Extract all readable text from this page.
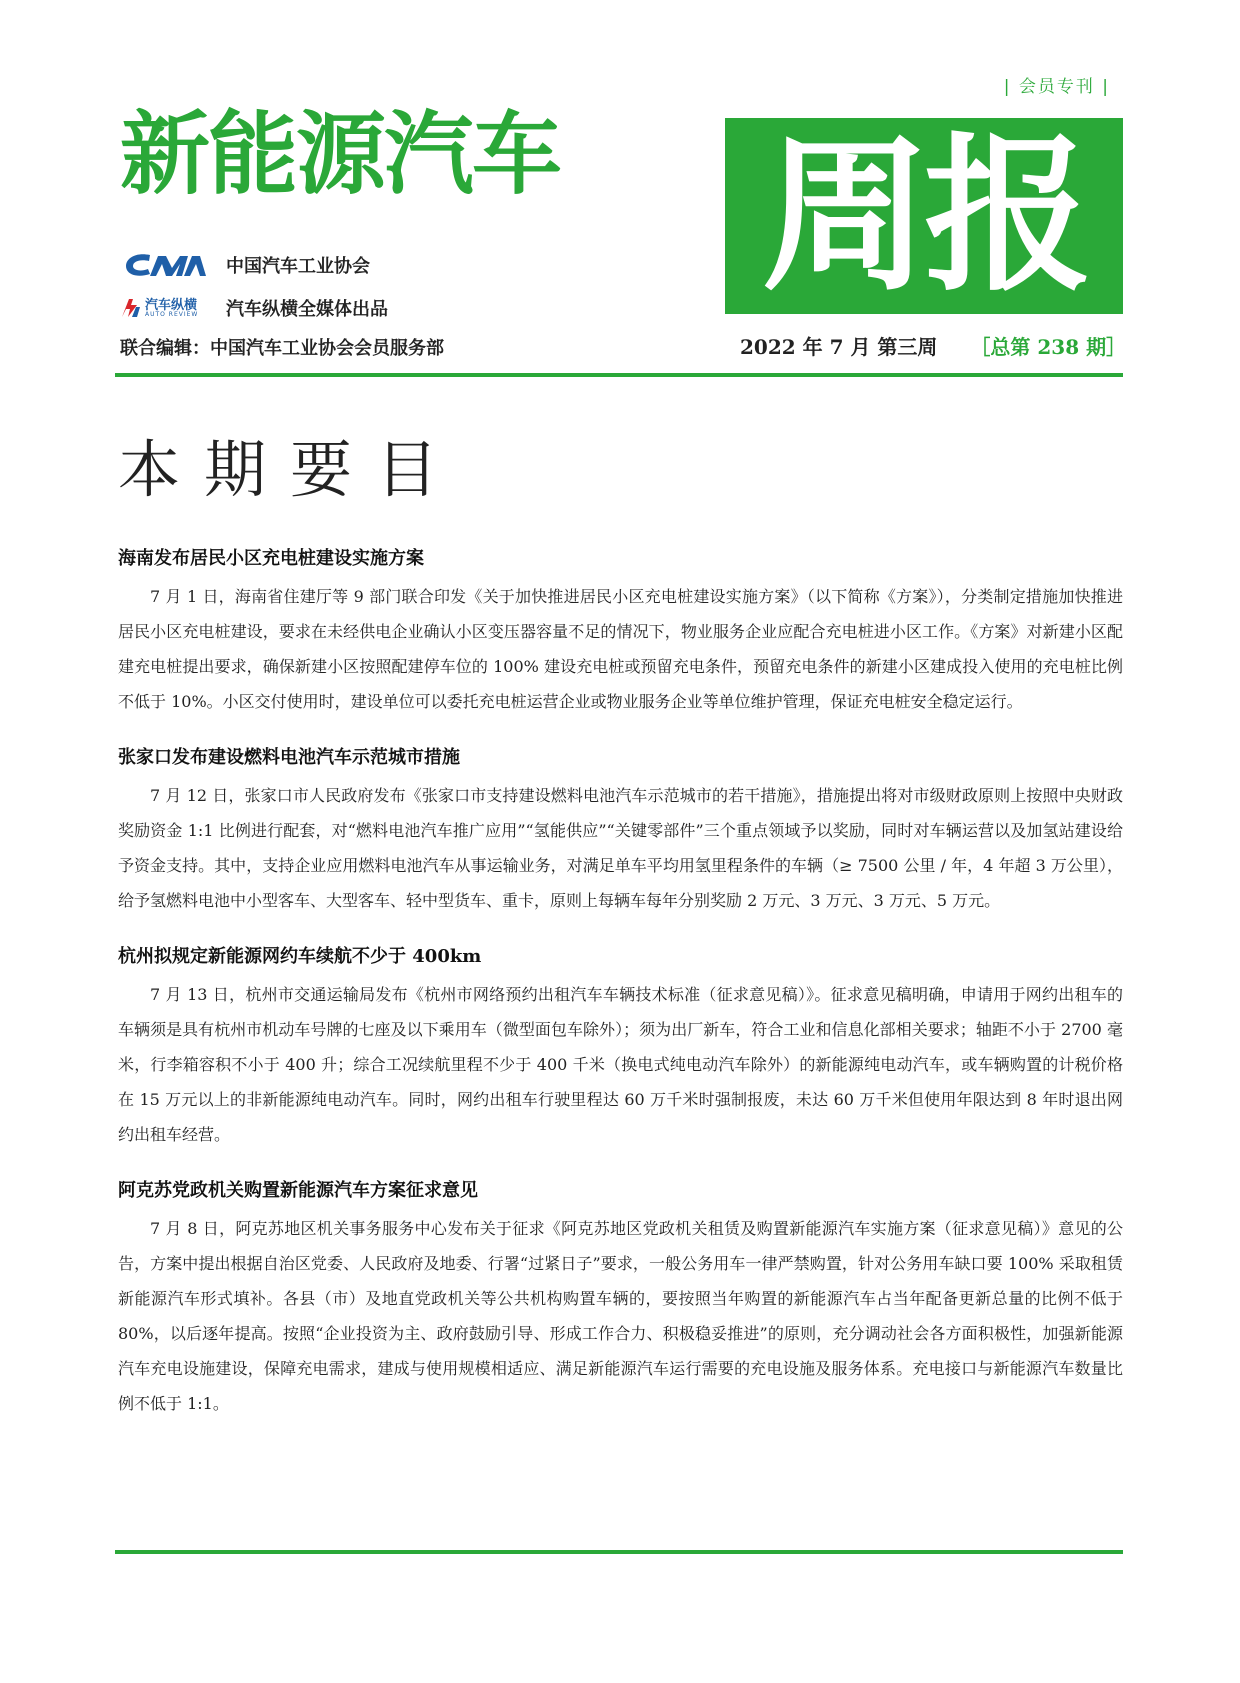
| 会员专刊 |
新能源汽车 周报
中国汽车工业协会
汽车纵横
AUTO REVIEW 汽车纵横全媒体出品
联合编辑：中国汽车工业协会会员服务部	2022 年 7 月 第三周 ［总第 238 期］
本期要目
海南发布居民小区充电桩建设实施方案

7 月 1 日，海南省住建厅等 9 部门联合印发《关于加快推进居民小区充电桩建设实施方案》（以下简称《方案》），分类制定措施加快推进居民小区充电桩建设，要求在未经供电企业确认小区变压器容量不足的情况下，物业服务企业应配合充电桩进小区工作。《方案》对新建小区配建充电桩提出要求，确保新建小区按照配建停车位的 100% 建设充电桩或预留充电条件，预留充电条件的新建小区建成投入使用的充电桩比例不低于 10%。小区交付使用时，建设单位可以委托充电桩运营企业或物业服务企业等单位维护管理，保证充电桩安全稳定运行。

张家口发布建设燃料电池汽车示范城市措施

7 月 12 日，张家口市人民政府发布《张家口市支持建设燃料电池汽车示范城市的若干措施》，措施提出将对市级财政原则上按照中央财政奖励资金 1:1 比例进行配套，对“燃料电池汽车推广应用”“氢能供应”“关键零部件”三个重点领域予以奖励，同时对车辆运营以及加氢站建设给予资金支持。其中，支持企业应用燃料电池汽车从事运输业务，对满足单车平均用氢里程条件的车辆（≥ 7500 公里 / 年，4 年超 3 万公里），给予氢燃料电池中小型客车、大型客车、轻中型货车、重卡，原则上每辆车每年分别奖励 2 万元、3 万元、3 万元、5 万元。

杭州拟规定新能源网约车续航不少于 400km

7 月 13 日，杭州市交通运输局发布《杭州市网络预约出租汽车车辆技术标准（征求意见稿）》。征求意见稿明确，申请用于网约出租车的车辆须是具有杭州市机动车号牌的七座及以下乘用车（微型面包车除外）；须为出厂新车，符合工业和信息化部相关要求；轴距不小于 2700 毫米，行李箱容积不小于 400 升；综合工况续航里程不少于 400 千米（换电式纯电动汽车除外）的新能源纯电动汽车，或车辆购置的计税价格在 15 万元以上的非新能源纯电动汽车。同时，网约出租车行驶里程达 60 万千米时强制报废，未达 60 万千米但使用年限达到 8 年时退出网约出租车经营。

阿克苏党政机关购置新能源汽车方案征求意见

7 月 8 日，阿克苏地区机关事务服务中心发布关于征求《阿克苏地区党政机关租赁及购置新能源汽车实施方案（征求意见稿）》意见的公告，方案中提出根据自治区党委、人民政府及地委、行署“过紧日子”要求，一般公务用车一律严禁购置，针对公务用车缺口要 100% 采取租赁新能源汽车形式填补。各县（市）及地直党政机关等公共机构购置车辆的，要按照当年购置的新能源汽车占当年配备更新总量的比例不低于 80%，以后逐年提高。按照“企业投资为主、政府鼓励引导、形成工作合力、积极稳妥推进”的原则，充分调动社会各方面积极性，加强新能源汽车充电设施建设，保障充电需求，建成与使用规模相适应、满足新能源汽车运行需要的充电设施及服务体系。充电接口与新能源汽车数量比例不低于 1:1。
